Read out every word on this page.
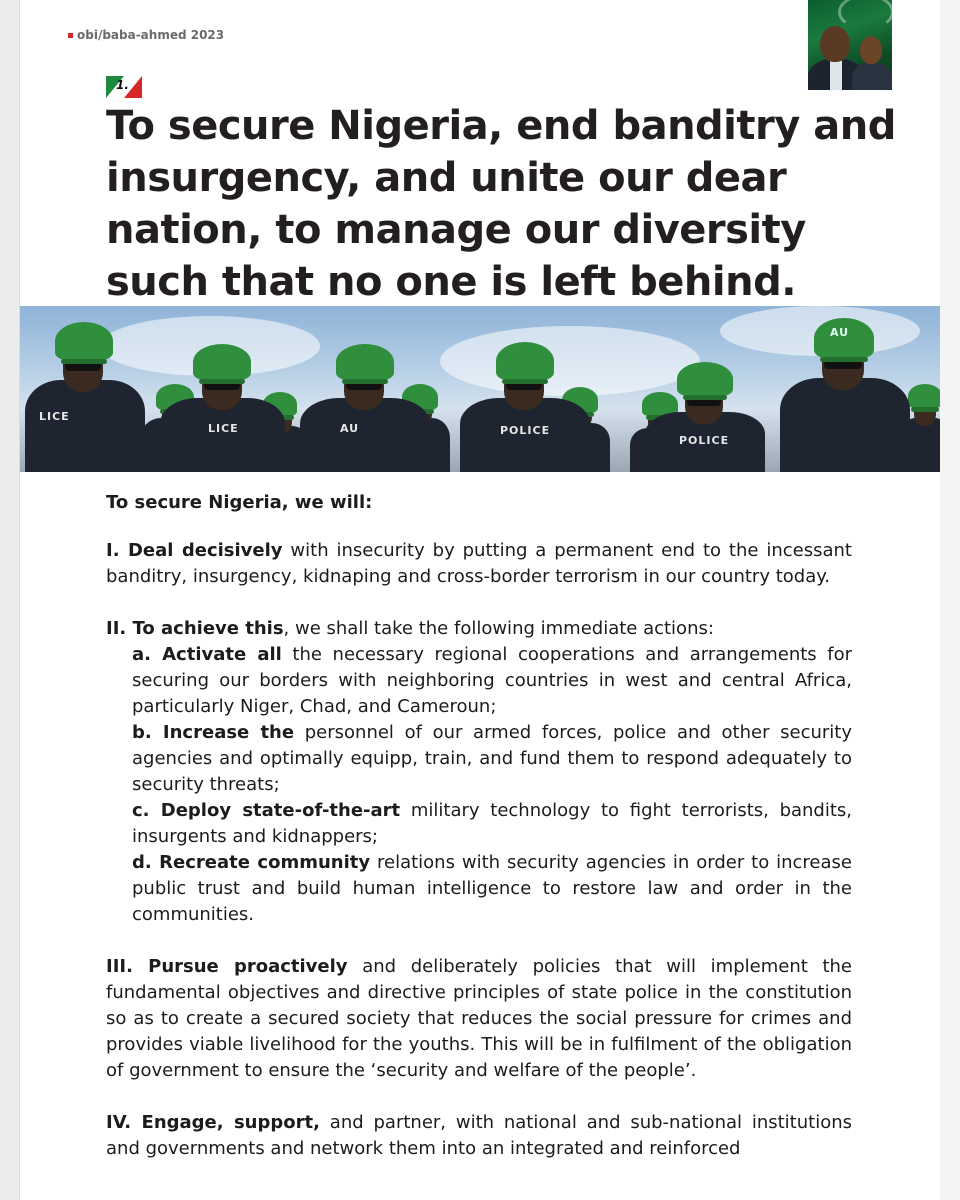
obi/baba-ahmed 2023
1.
To secure Nigeria, end banditry and insurgency, and unite our dear nation, to manage our diversity such that no one is left behind.
LICE
LICE	AU	POLICE
POLICE
AU

To secure Nigeria, we will:

I. Deal decisively with insecurity by putting a permanent end to the incessant banditry, insurgency, kidnaping and cross-border terrorism in our country today.

II. To achieve this, we shall take the following immediate actions:

a. Activate all the necessary regional cooperations and arrangements for securing our borders with neighboring countries in west and central Africa, particularly Niger, Chad, and Cameroun;

b. Increase the personnel of our armed forces, police and other security agencies and optimally equipp, train, and fund them to respond adequately to security threats;

c. Deploy state-of-the-art military technology to fight terrorists, bandits, insurgents and kidnappers;

d. Recreate community relations with security agencies in order to increase public trust and build human intelligence to restore law and order in the communities.

III. Pursue proactively and deliberately policies that will implement the fundamental objectives and directive principles of state police in the constitution so as to create a secured society that reduces the social pressure for crimes and provides viable livelihood for the youths. This will be in fulfilment of the obligation of government to ensure the ‘security and welfare of the people’.

IV. Engage, support, and partner, with national and sub-national institutions and governments and network them into an integrated and reinforced
